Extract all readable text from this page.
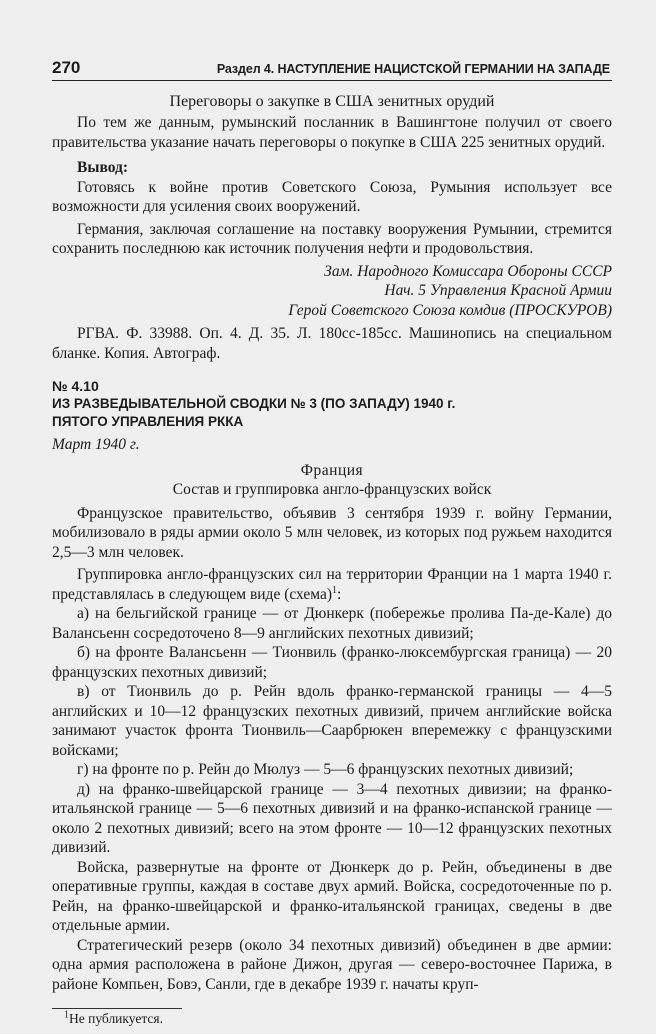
270	Раздел 4. НАСТУПЛЕНИЕ НАЦИСТСКОЙ ГЕРМАНИИ НА ЗАПАДЕ
Переговоры о закупке в США зенитных орудий

По тем же данным, румынский посланник в Вашингтоне получил от своего правительства указание начать переговоры о покупке в США 225 зенитных орудий.

Вывод:

Готовясь к войне против Советского Союза, Румыния использует все возможности для усиления своих вооружений.

Германия, заключая соглашение на поставку вооружения Румынии, стремится сохранить последнюю как источник получения нефти и продовольствия.

Зам. Народного Комиссара Обороны СССР
Нач. 5 Управления Красной Армии
Герой Советского Союза комдив (ПРОСКУРОВ)

РГВА. Ф. 33988. Оп. 4. Д. 35. Л. 180сс-185сс. Машинопись на специальном бланке. Копия. Автограф.

№ 4.10
ИЗ РАЗВЕДЫВАТЕЛЬНОЙ СВОДКИ № 3 (ПО ЗАПАДУ) 1940 г.
ПЯТОГО УПРАВЛЕНИЯ РККА
Март 1940 г.
Франция
Состав и группировка англо-французских войск

Французское правительство, объявив 3 сентября 1939 г. войну Германии, мобилизовало в ряды армии около 5 млн человек, из которых под ружьем находится 2,5—3 млн человек.

Группировка англо-французских сил на территории Франции на 1 марта 1940 г. представлялась в следующем виде (схема)$^1$:

а) на бельгийской границе — от Дюнкерк (побережье пролива Па-де-Кале) до Валансьенн сосредоточено 8—9 английских пехотных дивизий;

б) на фронте Валансьенн — Тионвиль (франко-люксембургская граница) — 20 французских пехотных дивизий;

в) от Тионвиль до р. Рейн вдоль франко-германской границы — 4—5 английских и 10—12 французских пехотных дивизий, причем английские войска занимают участок фронта Тионвиль—Саарбрюкен вперемежку с французскими войсками;

г) на фронте по р. Рейн до Мюлуз — 5—6 французских пехотных дивизий;

д) на франко-швейцарской границе — 3—4 пехотных дивизии; на франко-итальянской границе — 5—6 пехотных дивизий и на франко-испанской границе — около 2 пехотных дивизий; всего на этом фронте — 10—12 французских пехотных дивизий.

Войска, развернутые на фронте от Дюнкерк до р. Рейн, объединены в две оперативные группы, каждая в составе двух армий. Войска, сосредоточенные по р. Рейн, на франко-швейцарской и франко-итальянской границах, сведены в две отдельные армии.

Стратегический резерв (около 34 пехотных дивизий) объединен в две армии: одна армия расположена в районе Дижон, другая — северо-восточнее Парижа, в районе Компьен, Бовэ, Санли, где в декабре 1939 г. начаты круп-

$^1$Не публикуется.
